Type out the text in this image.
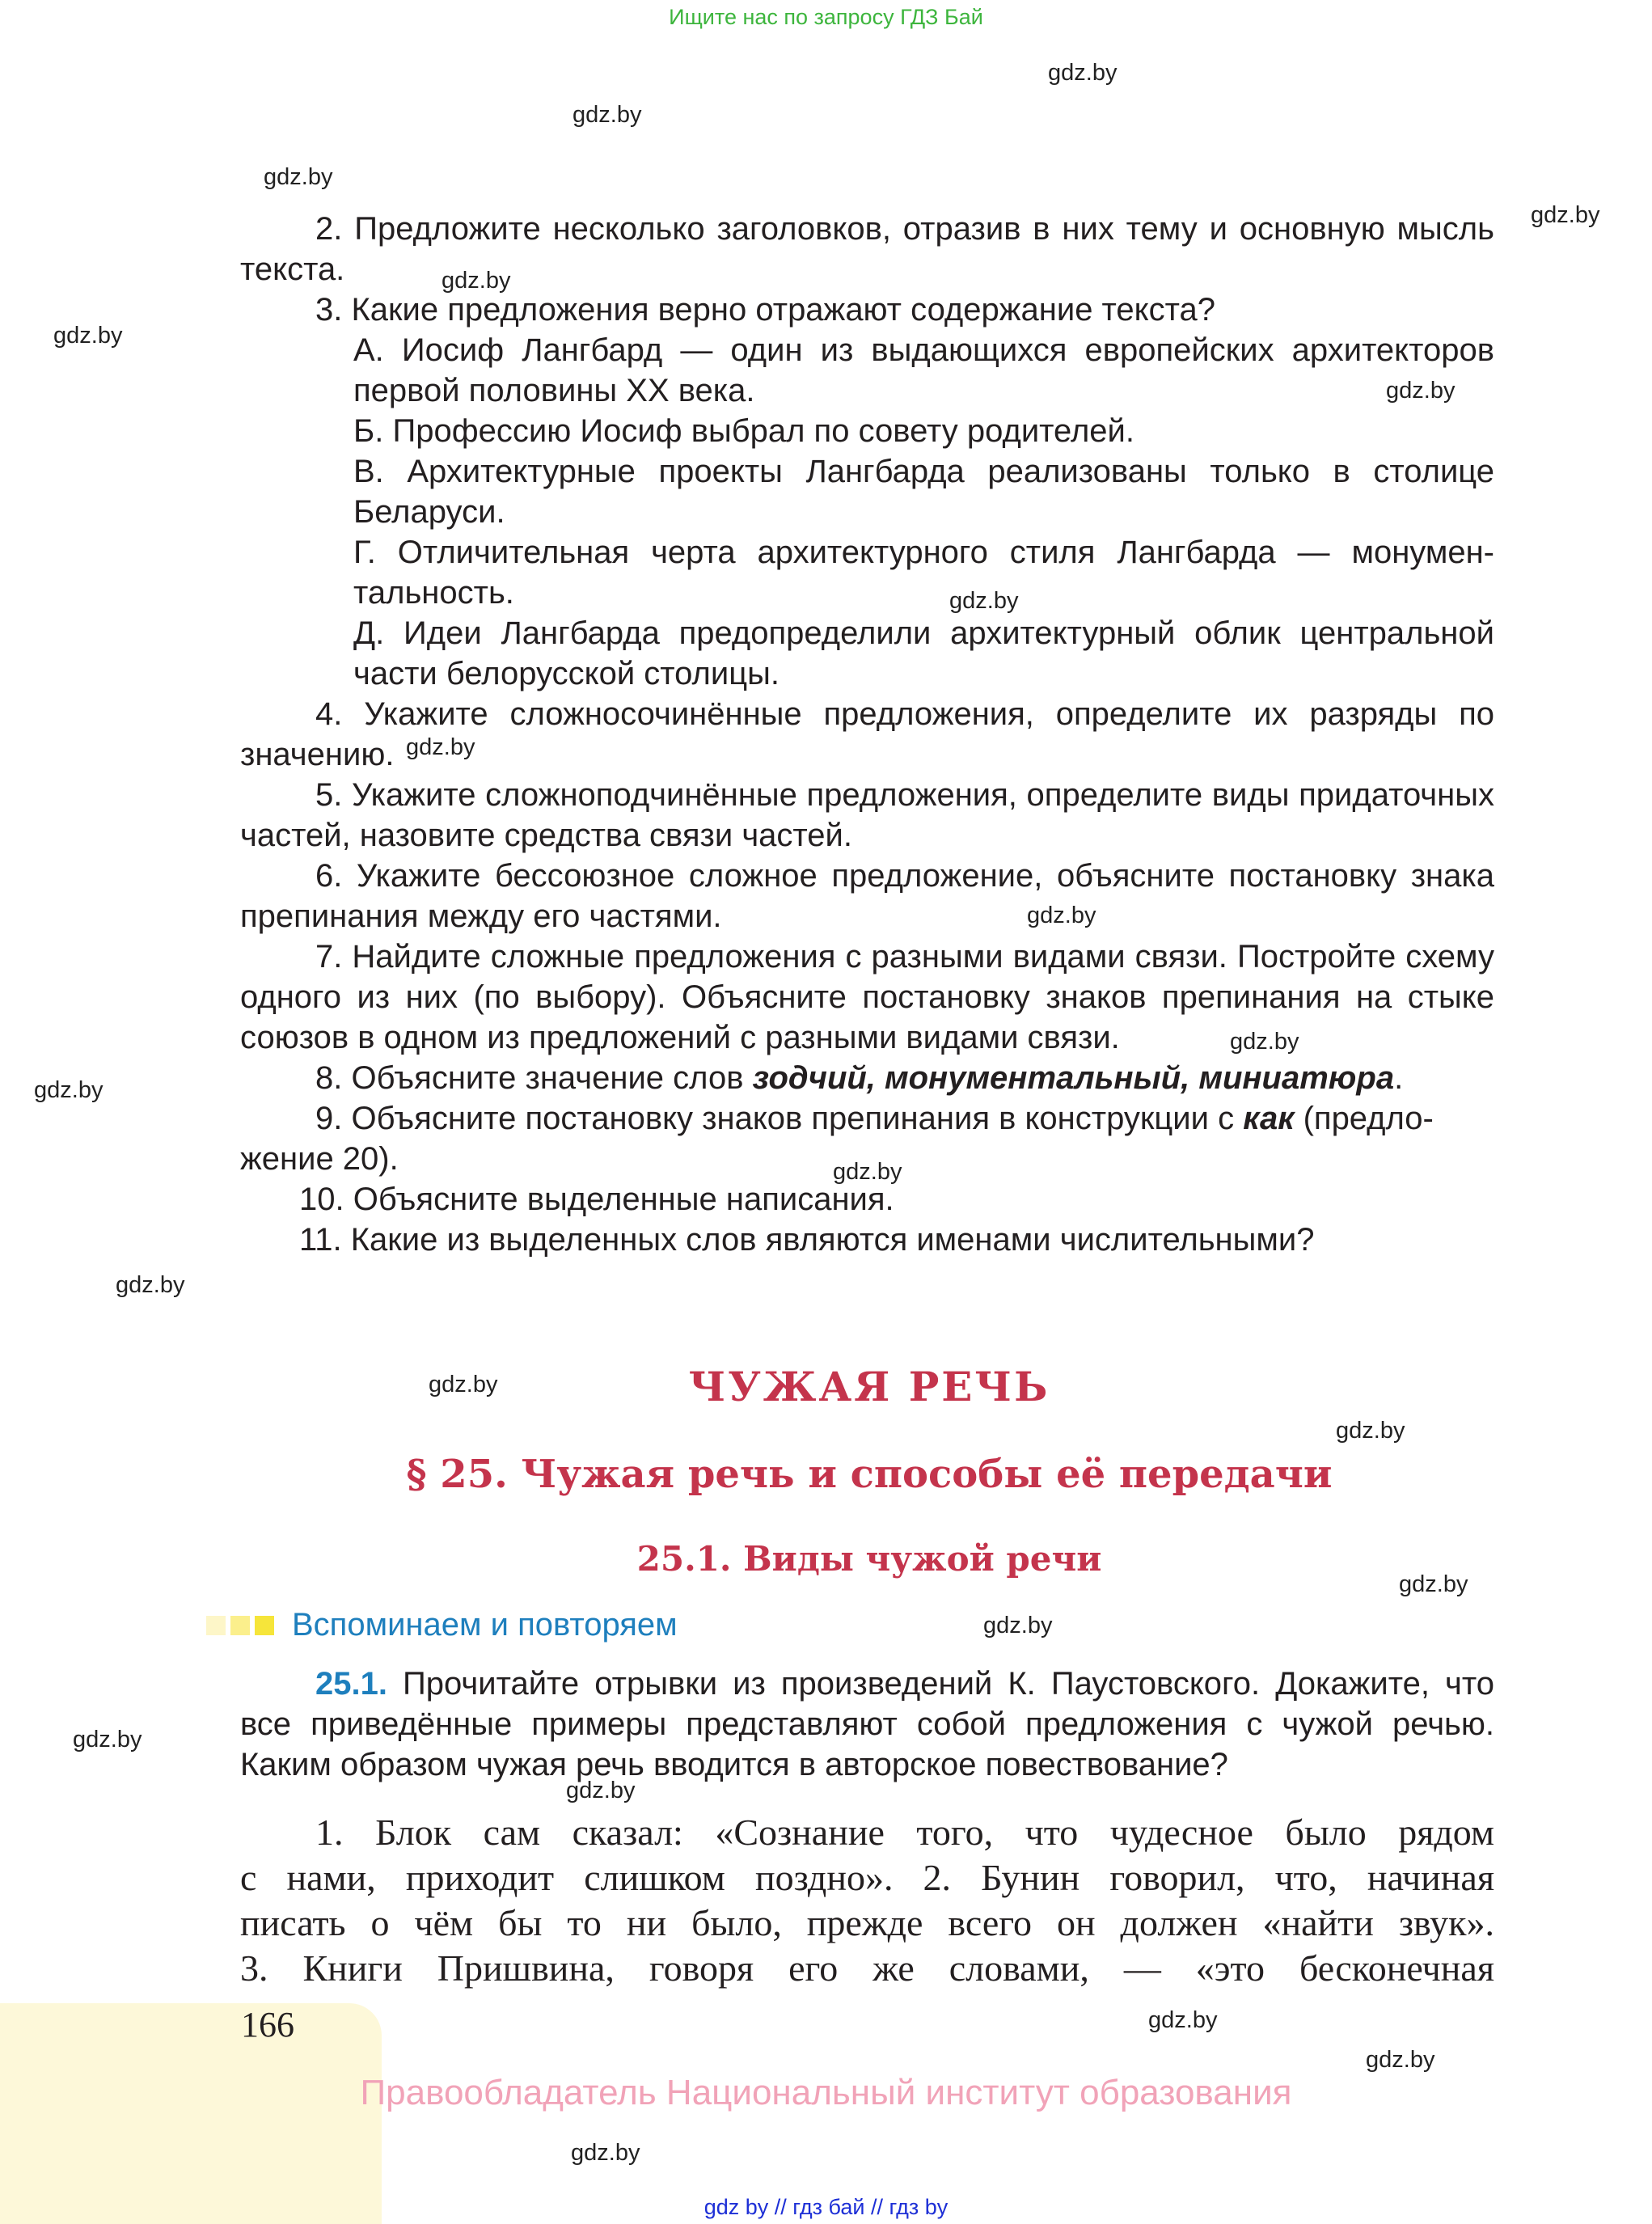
Ищите нас по запросу ГДЗ Бай
gdz.by
gdz.by
gdz.by
gdz.by
gdz.by
gdz.by
gdz.by
gdz.by
gdz.by
gdz.by
gdz.by
gdz.by
gdz.by
gdz.by
gdz.by
gdz.by
gdz.by
gdz.by
gdz.by
gdz.by
gdz.by
gdz.by
gdz.by
2. Предложите несколько заголовков, отразив в них тему и основную мысль
текста.
3. Какие предложения верно отражают содержание текста?
А. Иосиф Лангбард — один из выдающихся европейских архитекторов
первой половины XX века.
Б. Профессию Иосиф выбрал по совету родителей.
В. Архитектурные проекты Лангбарда реализованы только в столице
Беларуси.
Г. Отличительная черта архитектурного стиля Лангбарда — монумен-
тальность.
Д. Идеи Лангбарда предопределили архитектурный облик центральной
части белорусской столицы.
4. Укажите сложносочинённые предложения, определите их разряды по
значению.
5. Укажите сложноподчинённые предложения, определите виды придаточных
частей, назовите средства связи частей.
6. Укажите бессоюзное сложное предложение, объясните постановку знака
препинания между его частями.
7. Найдите сложные предложения с разными видами связи. Постройте схему
одного из них (по выбору). Объясните постановку знаков препинания на стыке
союзов в одном из предложений с разными видами связи.
8. Объясните значение слов зодчий, монументальный, миниатюра.
9. Объясните постановку знаков препинания в конструкции с как (предло-
жение 20).
10. Объясните выделенные написания.
11. Какие из выделенных слов являются именами числительными?
ЧУЖАЯ РЕЧЬ
§ 25. Чужая речь и способы её передачи
25.1. Виды чужой речи
Вспоминаем и повторяем
25.1. Прочитайте отрывки из произведений К. Паустовского. Докажите, что
все приведённые примеры представляют собой предложения с чужой речью.
Каким образом чужая речь вводится в авторское повествование?
1. Блок сам сказал: «Сознание того, что чудесное было рядом
с нами, приходит слишком поздно». 2. Бунин говорил, что, начиная
писать о чём бы то ни было, прежде всего он должен «найти звук».
3. Книги Пришвина, говоря его же словами, — «это бесконечная
166
Правообладатель Национальный институт образования
gdz by // гдз бай // гдз by
